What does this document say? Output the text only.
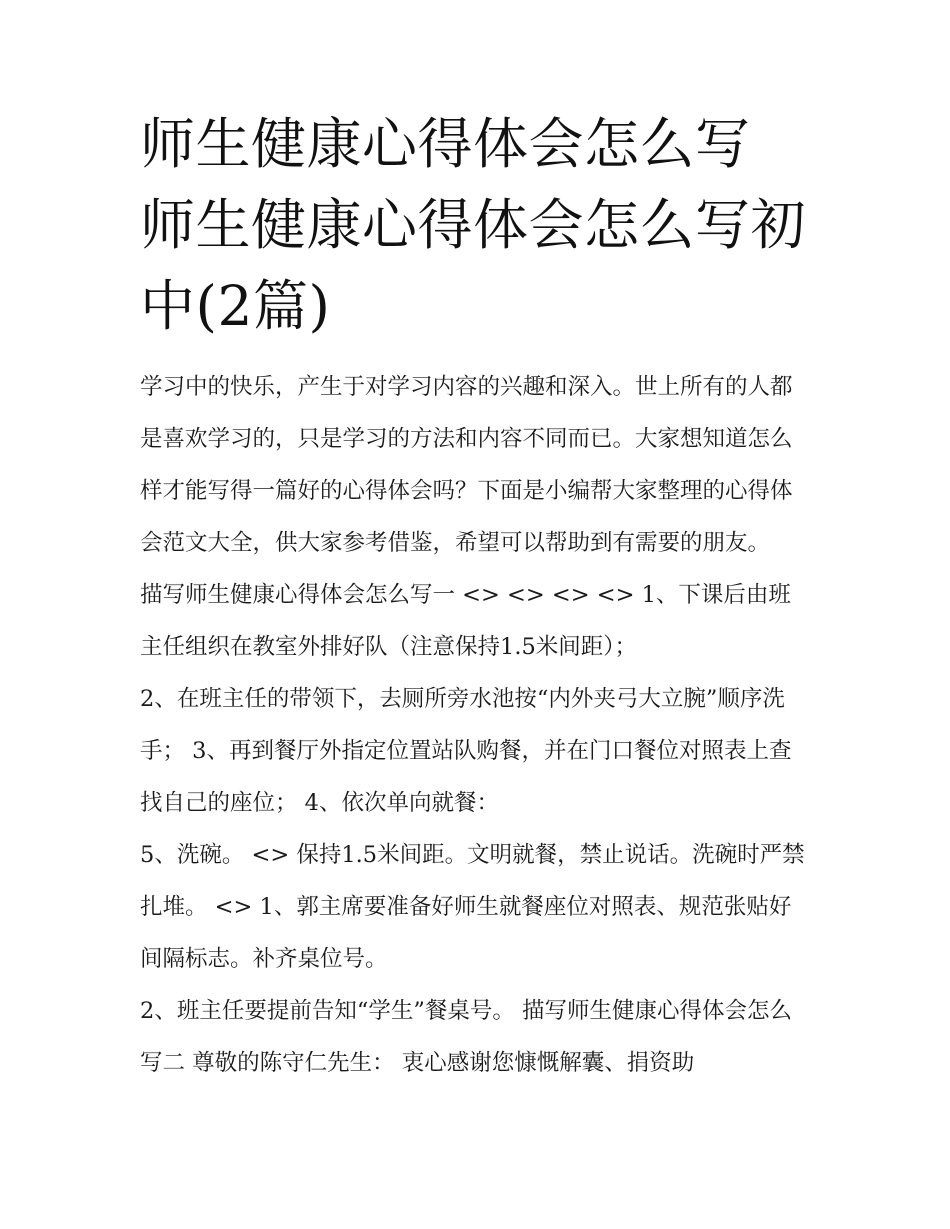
师生健康心得体会怎么写 师生健康心得体会怎么写初中(2篇)

学习中的快乐，产生于对学习内容的兴趣和深入。世上所有的人都是喜欢学习的，只是学习的方法和内容不同而已。大家想知道怎么样才能写得一篇好的心得体会吗？下面是小编帮大家整理的心得体会范文大全，供大家参考借鉴，希望可以帮助到有需要的朋友。

描写师生健康心得体会怎么写一 <> <> <> <> 1、下课后由班主任组织在教室外排好队（注意保持1.5米间距）；

2、在班主任的带领下，去厕所旁水池按“内外夹弓大立腕”顺序洗手； 3、再到餐厅外指定位置站队购餐，并在门口餐位对照表上查找自己的座位； 4、依次单向就餐：

5、洗碗。 <> 保持1.5米间距。文明就餐，禁止说话。洗碗时严禁扎堆。 <> 1、郭主席要准备好师生就餐座位对照表、规范张贴好间隔标志。补齐桌位号。

2、班主任要提前告知“学生”餐桌号。 描写师生健康心得体会怎么写二 尊敬的陈守仁先生： 衷心感谢您慷慨解囊、捐资助
